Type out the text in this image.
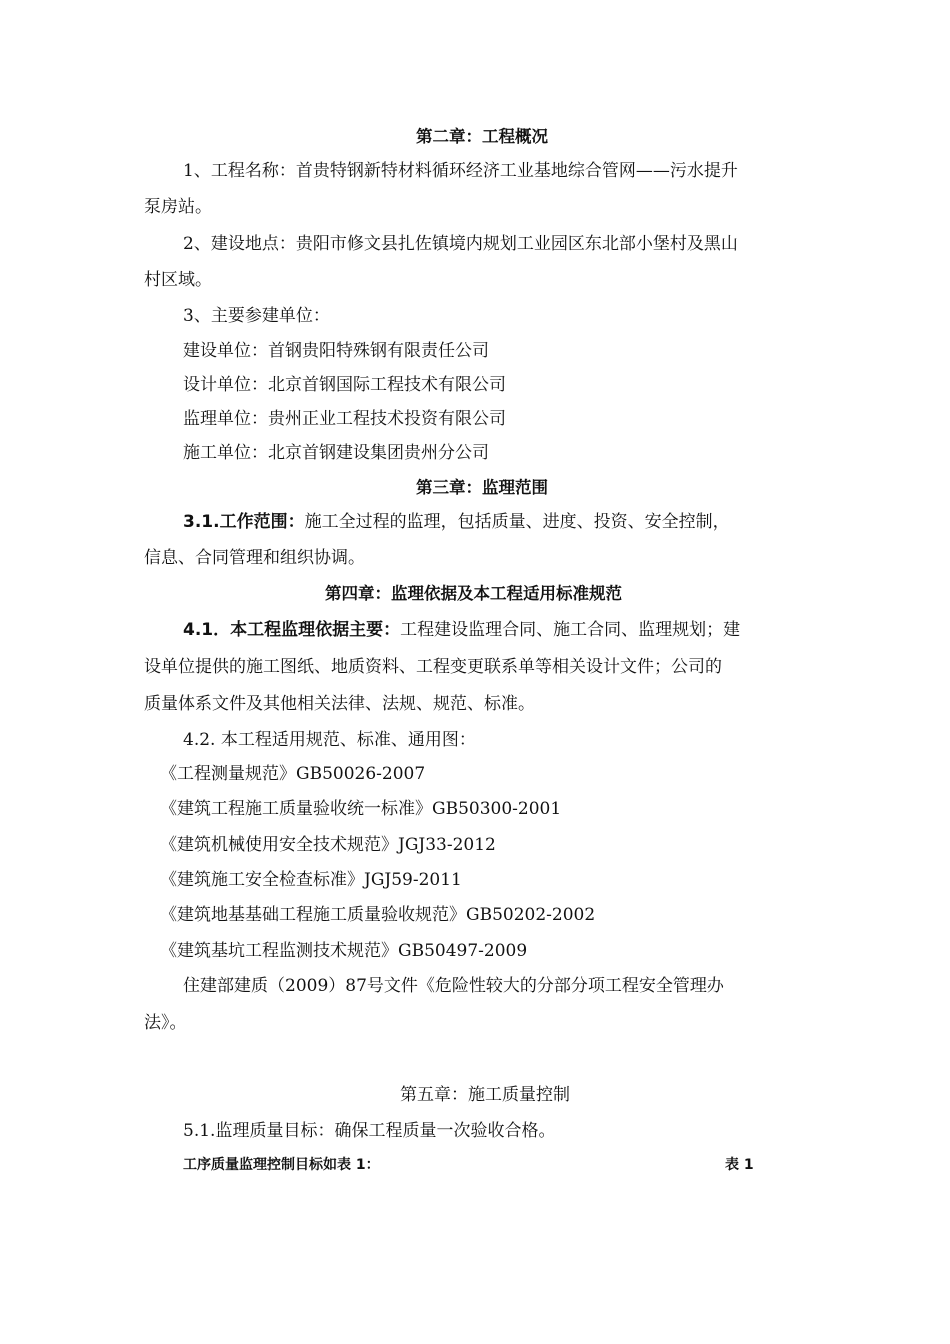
第二章：工程概况
1、工程名称：首贵特钢新特材料循环经济工业基地综合管网——污水提升
泵房站。
2、建设地点：贵阳市修文县扎佐镇境内规划工业园区东北部小堡村及黑山
村区域。
3、主要参建单位：
建设单位：首钢贵阳特殊钢有限责任公司
设计单位：北京首钢国际工程技术有限公司
监理单位：贵州正业工程技术投资有限公司
施工单位：北京首钢建设集团贵州分公司
第三章：监理范围
3.1.工作范围：施工全过程的监理，包括质量、进度、投资、安全控制，
信息、合同管理和组织协调。
第四章：监理依据及本工程适用标准规范
4.1．本工程监理依据主要：工程建设监理合同、施工合同、监理规划；建
设单位提供的施工图纸、地质资料、工程变更联系单等相关设计文件；公司的
质量体系文件及其他相关法律、法规、规范、标准。
4.2. 本工程适用规范、标准、通用图：
《工程测量规范》GB50026-2007
《建筑工程施工质量验收统一标准》GB50300-2001
《建筑机械使用安全技术规范》JGJ33-2012
《建筑施工安全检查标准》JGJ59-2011
《建筑地基基础工程施工质量验收规范》GB50202-2002
《建筑基坑工程监测技术规范》GB50497-2009
住建部建质（2009）87号文件《危险性较大的分部分项工程安全管理办
法》。
第五章：施工质量控制
5.1.监理质量目标：确保工程质量一次验收合格。
工序质量监理控制目标如表 1：	表 1
